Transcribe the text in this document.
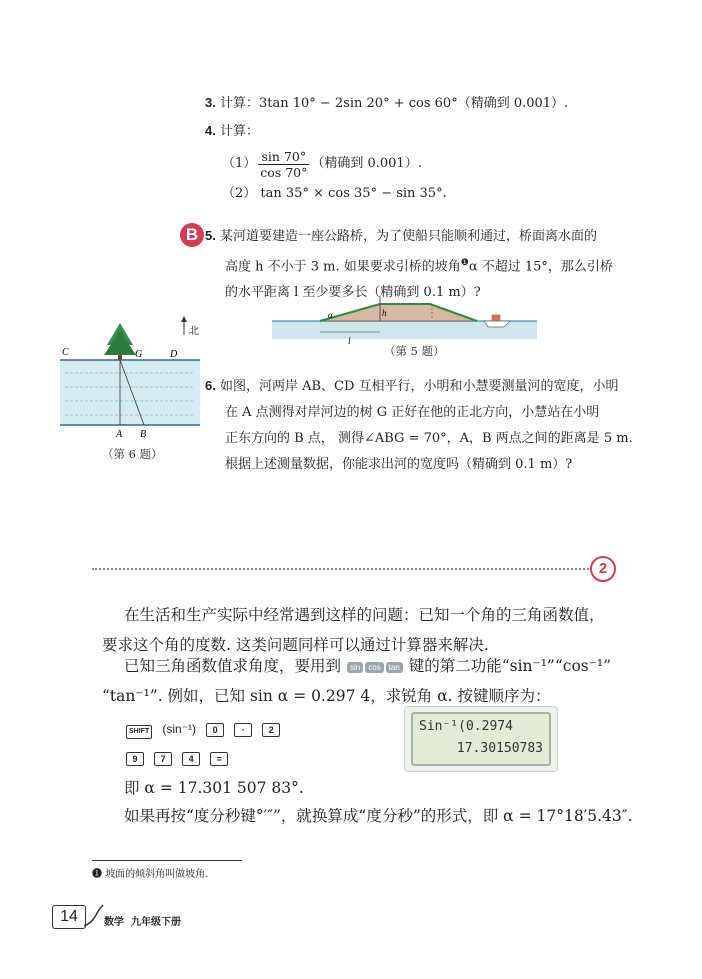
3. 计算：3tan 10° − 2sin 20° + cos 60°（精确到 0.001）.
4. 计算：
$(1) \frac{\sin 70^\circ}{\cos 70^\circ}$ （精确到 0.001）.
（2） tan 35° × cos 35° − sin 35°.
B 5. 某河道要建造一座公路桥，为了使船只能顺利通过，桥面离水面的
高度 h 不小于 3 m. 如果要求引桥的坡角$^❶$α 不超过 15°，那么引桥
的水平距离 l 至少要多长（精确到 0.1 m）?
α	h
l
（第 5 题）
C	G	D
A B
北
（第 6 题）
6. 如图，河两岸 AB、CD 互相平行，小明和小慧要测量河的宽度，小明
在 A 点测得对岸河边的树 G 正好在他的正北方向，小慧站在小明
正东方向的 B 点， 测得∠ABG = 70°，A，B 两点之间的距离是 5 m.
根据上述测量数据，你能求出河的宽度吗（精确到 0.1 m）?
2
在生活和生产实际中经常遇到这样的问题：已知一个角的三角函数值，
要求这个角的度数. 这类问题同样可以通过计算器来解决.
已知三角函数值求角度，要用到 sin cos tan 键的第二功能“sin⁻¹”“cos⁻¹”
“tan⁻¹”. 例如，已知 sin α = 0.297 4，求锐角 α. 按键顺序为：
SHIFT (sin⁻¹) 0	·	2
9	7	4	=
Sin⁻¹(0.2974
17.30150783
即 α = 17.301 507 83°.
如果再按“度分秒键°′″”，就换算成“度分秒”的形式，即 α = 17°18′5.43″.
❶ 坡面的倾斜角叫做坡角.
14	数学 九年级下册
